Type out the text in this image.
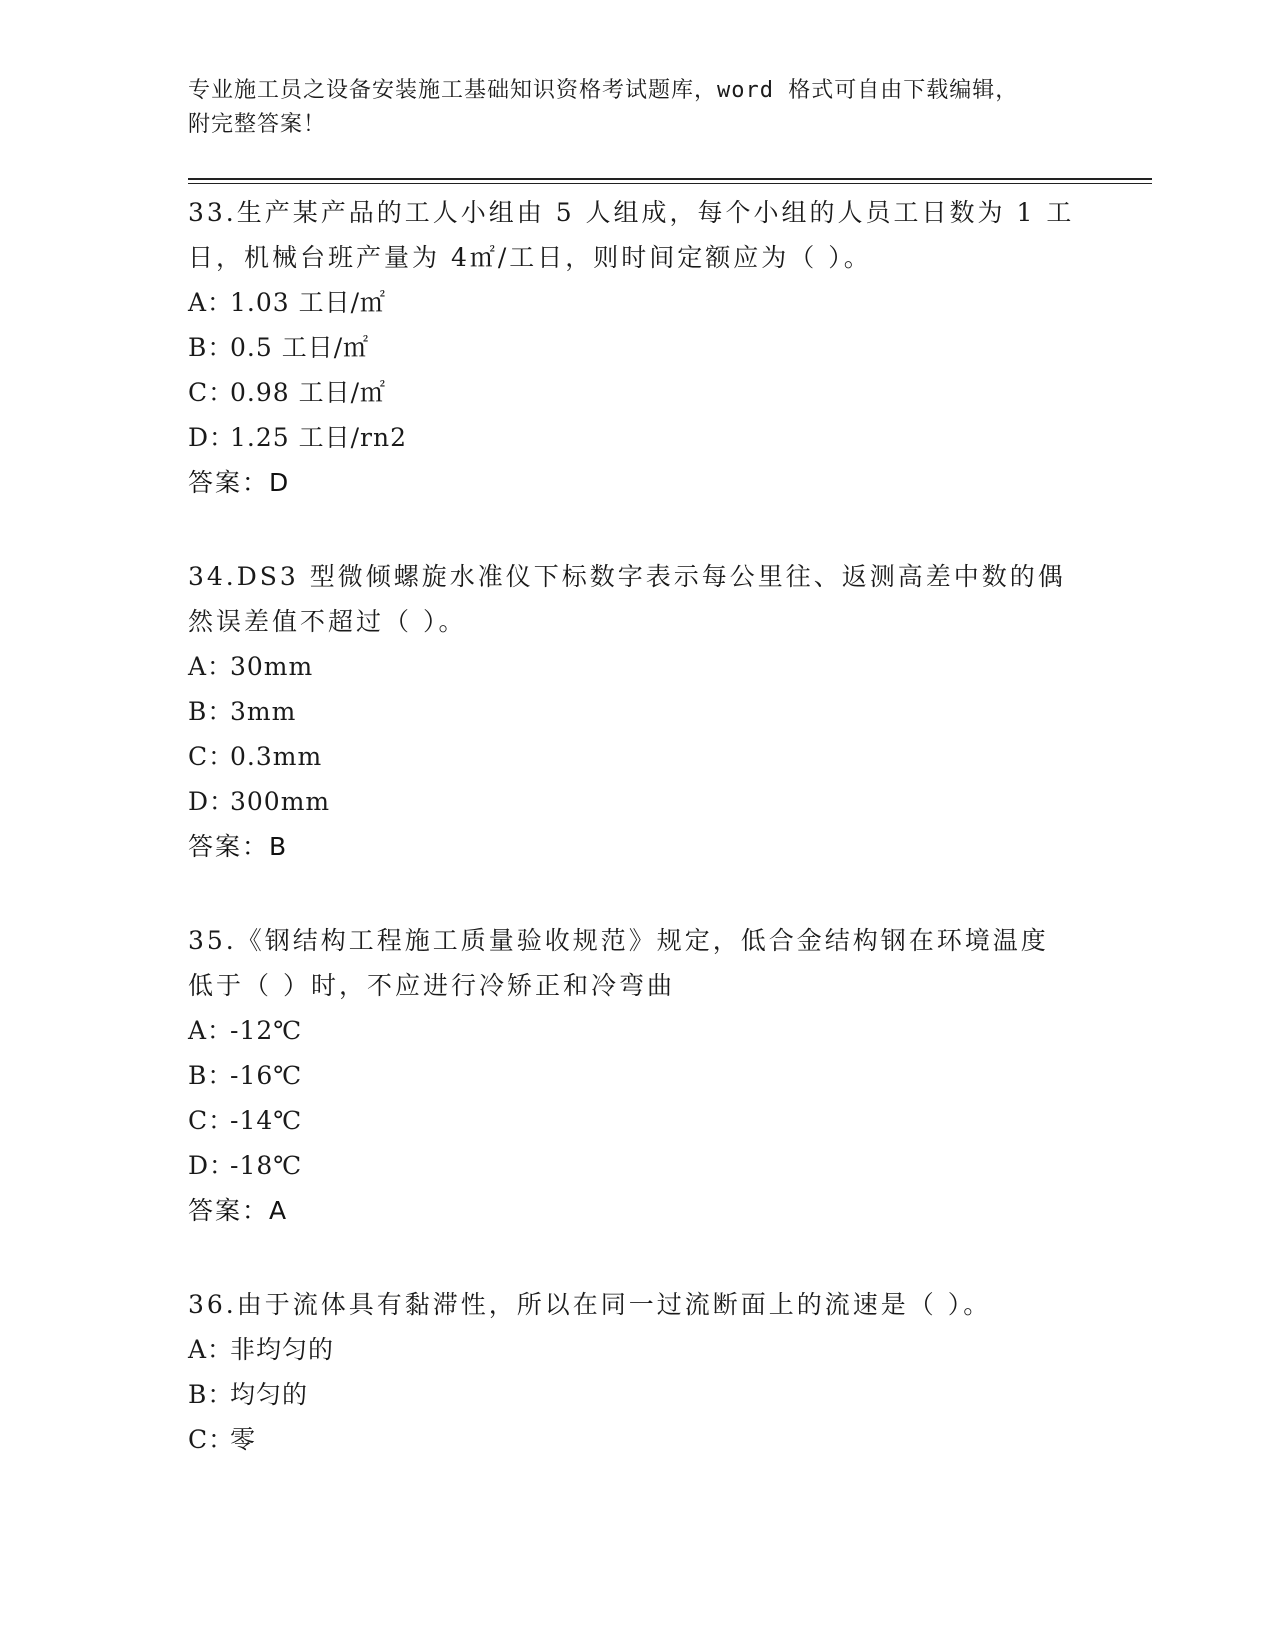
专业施工员之设备安装施工基础知识资格考试题库，word 格式可自由下载编辑，
附完整答案！
33.生产某产品的工人小组由 5 人组成，每个小组的人员工日数为 1 工
日，机械台班产量为 4㎡/工日，则时间定额应为（ ）。
A：1.03 工日/㎡
B：0.5 工日/㎡
C：0.98 工日/㎡
D：1.25 工日/rn2
答案：D
34.DS3 型微倾螺旋水准仪下标数字表示每公里往、返测高差中数的偶
然误差值不超过（ ）。
A：30mm
B：3mm
C：0.3mm
D：300mm
答案：B
35.《钢结构工程施工质量验收规范》规定，低合金结构钢在环境温度
低于（ ）时，不应进行冷矫正和冷弯曲
A：-12℃
B：-16℃
C：-14℃
D：-18℃
答案：A
36.由于流体具有黏滞性，所以在同一过流断面上的流速是（ ）。
A：非均匀的
B：均匀的
C：零
